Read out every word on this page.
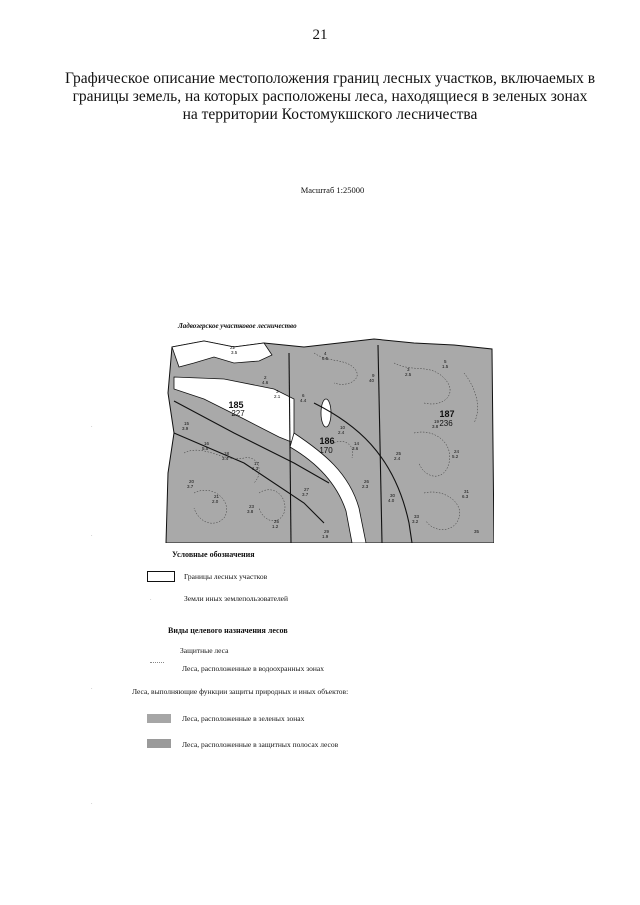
21
Графическое описание местоположения границ лесных участков, включаемых в
границы земель, на которых расположены леса, находящиеся в зеленых зонах
на территории Костомукшского лесничества
Масштаб 1:25000
Ладвозерское участковое лесничество
22
3.5	4
6.5
9
40
3
2.5
5
1.5
2
4.6
3
2.1	6
4.4
15
3.9
16
5.5
18
3.4
17
1.3
20
3.7
21
2.0
23
3.8
25
1.2
27
3.7
29
1.9
26
2.3
25
2.4
19
3.8
24
5.2
31
6.3
33
3.2
10
2.4
14
3.6
30
4.0
35
185
227
186
170
187
236
Условные обозначения
Границы лесных участков
.	Земли иных землепользователей
Виды целевого назначения лесов
Защитные леса
Леса, расположенные в водоохранных зонах
Леса, выполняющие функции защиты природных и иных объектов:
Леса, расположенные в зеленых зонах
Леса, расположенные в защитных полосах лесов
.
.
.
.
